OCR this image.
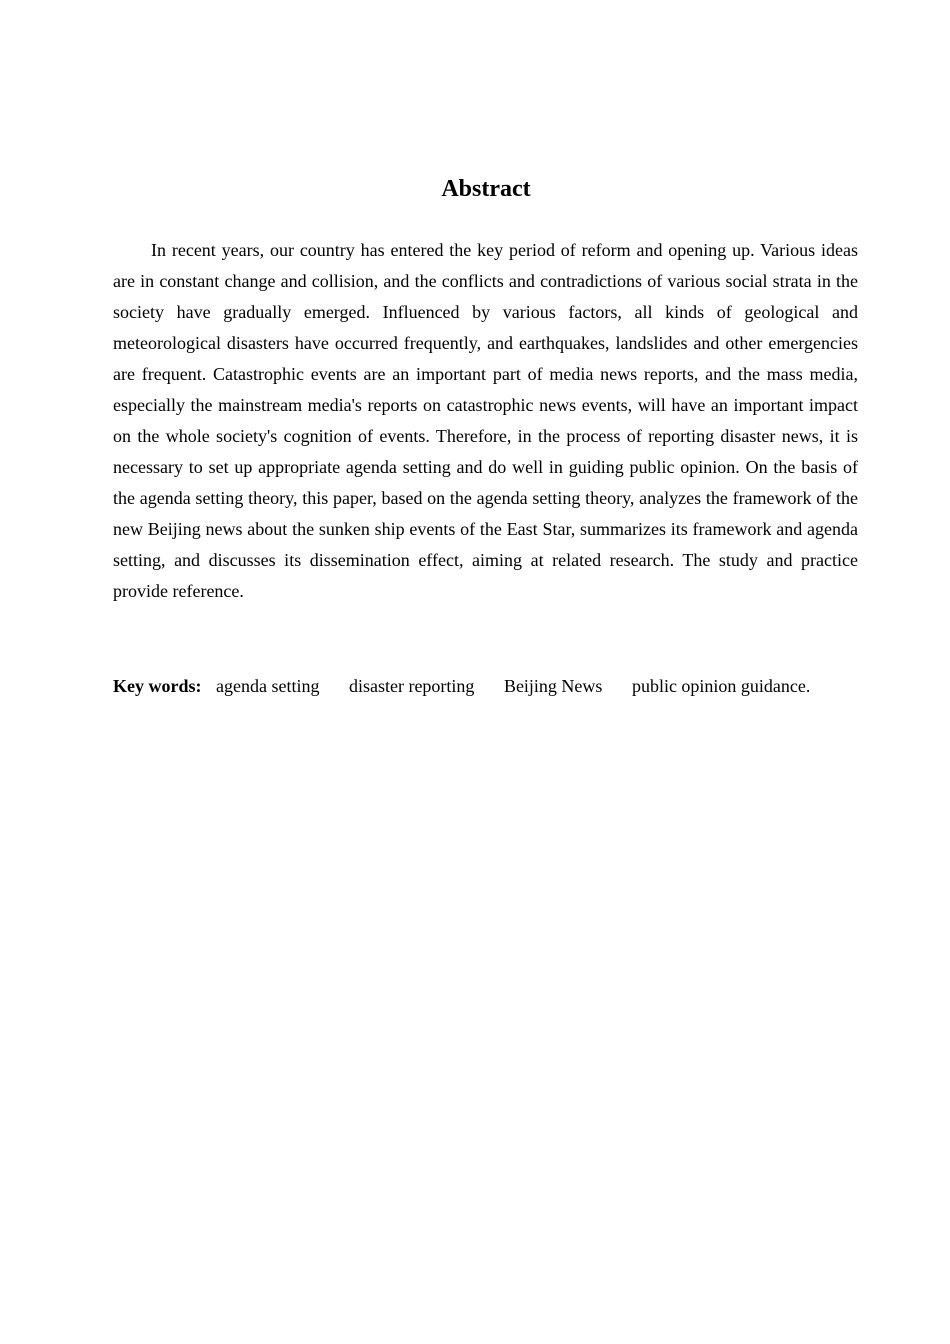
Abstract

In recent years, our country has entered the key period of reform and opening up. Various ideas are in constant change and collision, and the conflicts and contradictions of various social strata in the society have gradually emerged. Influenced by various factors, all kinds of geological and meteorological disasters have occurred frequently, and earthquakes, landslides and other emergencies are frequent. Catastrophic events are an important part of media news reports, and the mass media, especially the mainstream media's reports on catastrophic news events, will have an important impact on the whole society's cognition of events. Therefore, in the process of reporting disaster news, it is necessary to set up appropriate agenda setting and do well in guiding public opinion. On the basis of the agenda setting theory, this paper, based on the agenda setting theory, analyzes the framework of the new Beijing news about the sunken ship events of the East Star, summarizes its framework and agenda setting, and discusses its dissemination effect, aiming at related research. The study and practice provide reference.

Key words: agenda setting disaster reporting Beijing News public opinion guidance.
